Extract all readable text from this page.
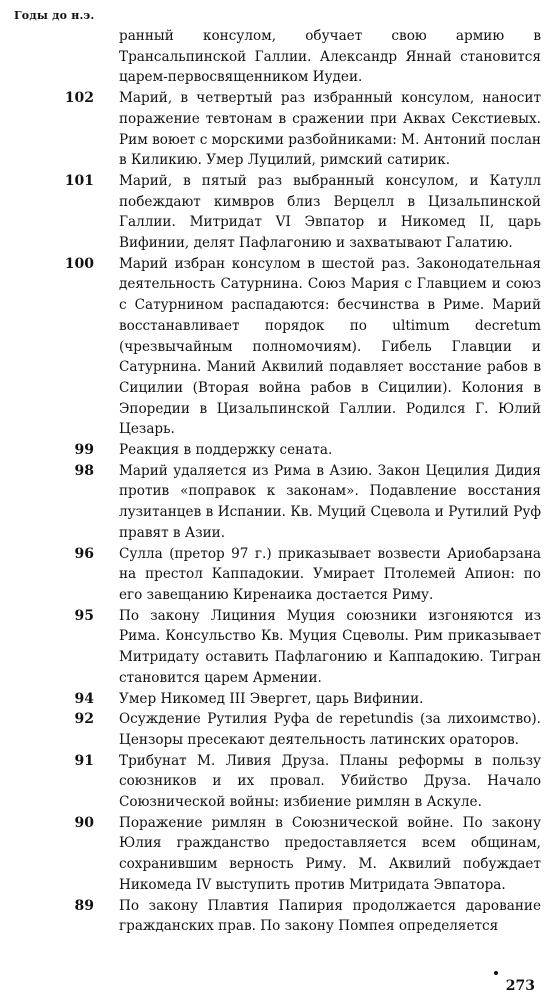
Годы до н.э.
ранный консулом, обучает свою армию в Трансальпинской Галлии. Александр Яннай становится царем-первосвященником Иудеи.
102 Марий, в четвертый раз избранный консулом, наносит поражение тевтонам в сражении при Акваx Секстиевых. Рим воюет с морскими разбойниками: М. Антоний послан в Киликию. Умер Луцилий, римский сатирик.
101 Марий, в пятый раз выбранный консулом, и Катулл побеждают кимвров близ Верцелл в Цизальпинской Галлии. Митридат VI Эвпатор и Никомед II, царь Вифинии, делят Пафлагонию и захватывают Галатию.
100 Марий избран консулом в шестой раз. Законодательная деятельность Сатурнина. Союз Мария с Главцием и союз с Сатурнином распадаются: бесчинства в Риме. Марий восстанавливает порядок по ultimum decretum (чрезвычайным полномочиям). Гибель Главции и Сатурнина. Маний Аквилий подавляет восстание рабов в Сицилии (Вторая война рабов в Сицилии). Колония в Эпоредии в Цизальпинской Галлии. Родился Г. Юлий Цезарь.
99 Реакция в поддержку сената.
98 Марий удаляется из Рима в Азию. Закон Цецилия Дидия против «поправок к законам». Подавление восстания лузитанцев в Испании. Кв. Муций Сцевола и Рутилий Руф правят в Азии.
96 Сулла (претор 97 г.) приказывает возвести Ариобарзана на престол Каппадокии. Умирает Птолемей Апион: по его завещанию Киренаика достается Риму.
95 По закону Лициния Муция союзники изгоняются из Рима. Консульство Кв. Муция Сцеволы. Рим приказывает Митридату оставить Пафлагонию и Каппадокию. Тигран становится царем Армении.
94 Умер Никомед III Эвергет, царь Вифинии.
92 Осуждение Рутилия Руфа de repetundis (за лихоимство). Цензоры пресекают деятельность латинских ораторов.
91 Трибунат М. Ливия Друза. Планы реформы в пользу союзников и их провал. Убийство Друза. Начало Союзнической войны: избиение римлян в Аскуле.
90 Поражение римлян в Союзнической войне. По закону Юлия гражданство предоставляется всем общинам, сохранившим верность Риму. М. Аквилий побуждает Никомеда IV выступить против Митридата Эвпатора.
89 По закону Плавтия Папирия продолжается дарование гражданских прав. По закону Помпея определяется
273
